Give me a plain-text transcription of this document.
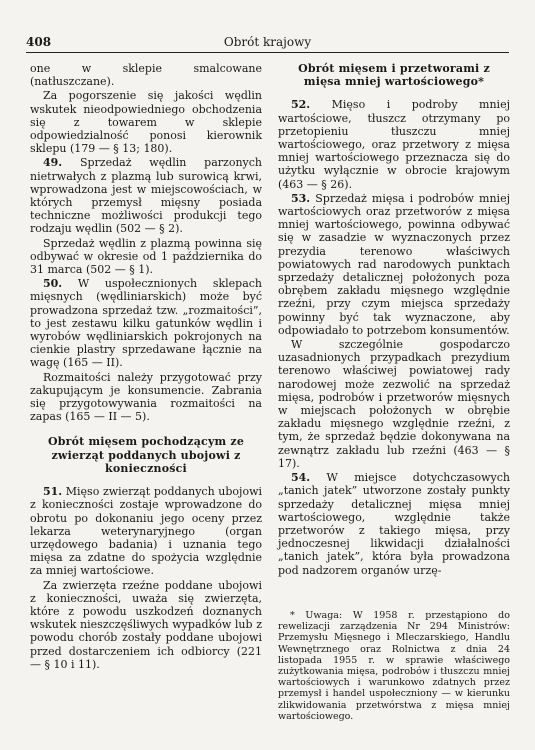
408	Obrót krajowy

one w sklepie smalcowane (natłuszczane).

Za pogorszenie się jakości wędlin wskutek nieodpowiedniego obchodzenia się z towarem w sklepie odpowiedzialność ponosi kierownik sklepu (179 — § 13; 180).

49. Sprzedaż wędlin parzonych nietrwałych z plazmą lub surowicą krwi, wprowadzona jest w miejscowościach, w których przemysł mięsny posiada techniczne możliwości produkcji tego rodzaju wędlin (502 — § 2).

Sprzedaż wędlin z plazmą powinna się odbywać w okresie od 1 października do 31 marca (502 — § 1).

50. W uspołecznionych sklepach mięsnych (wędliniarskich) może być prowadzona sprzedaż tzw. „rozmaitości”, to jest zestawu kilku gatunków wędlin i wyrobów wędliniarskich pokrojonych na cienkie plastry sprzedawane łącznie na wagę (165 — II).

Rozmaitości należy przygotować przy zakupującym je konsumencie. Zabrania się przygotowywania rozmaitości na zapas (165 — II — 5).

Obrót mięsem pochodzącym ze zwierząt poddanych ubojowi z konieczności

51. Mięso zwierząt poddanych ubojowi z konieczności zostaje wprowadzone do obrotu po dokonaniu jego oceny przez lekarza weterynaryjnego (organ urzędowego badania) i uznania tego mięsa za zdatne do spożycia względnie za mniej wartościowe.

Za zwierzęta rzeźne poddane ubojowi z konieczności, uważa się zwierzęta, które z powodu uszkodzeń doznanych wskutek nieszczęśliwych wypadków lub z powodu chorób zostały poddane ubojowi przed dostarczeniem ich odbiorcy (221 — § 10 i 11).

Obrót mięsem i przetworami z mięsa mniej wartościowego*

52. Mięso i podroby mniej wartościowe, tłuszcz otrzymany po przetopieniu tłuszczu mniej wartościowego, oraz przetwory z mięsa mniej wartościowego przeznacza się do użytku wyłącznie w obrocie krajowym (463 — § 26).

53. Sprzedaż mięsa i podrobów mniej wartościowych oraz przetworów z mięsa mniej wartościowego, powinna odbywać się w zasadzie w wyznaczonych przez prezydia terenowo właściwych powiatowych rad narodowych punktach sprzedaży detalicznej położonych poza obrębem zakładu mięsnego względnie rzeźni, przy czym miejsca sprzedaży powinny być tak wyznaczone, aby odpowiadało to potrzebom konsumentów.

W szczególnie gospodarczo uzasadnionych przypadkach prezydium terenowo właściwej powiatowej rady narodowej może zezwolić na sprzedaż mięsa, podrobów i przetworów mięsnych w miejscach położonych w obrębie zakładu mięsnego względnie rzeźni, z tym, że sprzedaż będzie dokonywana na zewnątrz zakładu lub rzeźni (463 — § 17).

54. W miejsce dotychczasowych „tanich jatek” utworzone zostały punkty sprzedaży detalicznej mięsa mniej wartościowego, względnie także przetworów z takiego mięsa, przy jednoczesnej likwidacji działalności „tanich jatek”, która była prowadzona pod nadzorem organów urzę-

* Uwaga: W 1958 r. przestąpiono do rewelizacji zarządzenia Nr 294 Ministrów: Przemysłu Mięsnego i Mleczarskiego, Handlu Wewnętrznego oraz Rolnictwa z dnia 24 listopada 1955 r. w sprawie właściwego zużytkowania mięsa, podrobów i tłuszczu mniej wartościowych i warunkowo zdatnych przez przemysł i handel uspołeczniony — w kierunku zlikwidowania przetwórstwa z mięsa mniej wartościowego.
